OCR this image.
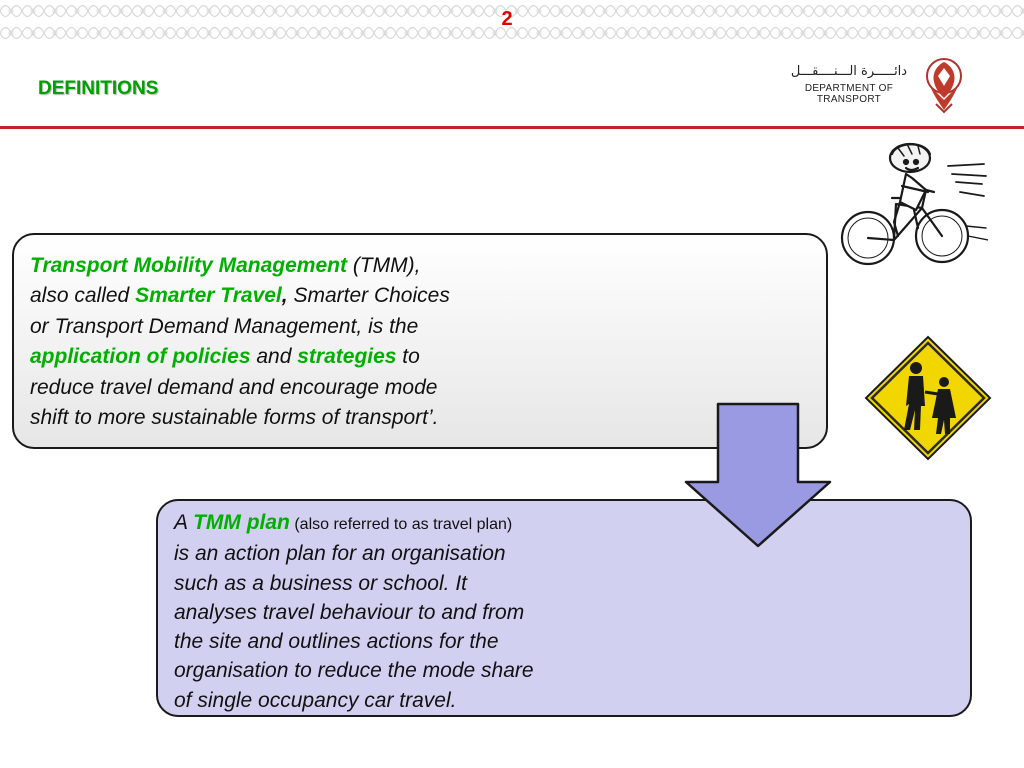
2
DEFINITIONS
دائـــــرة الـــنــــقـــل
DEPARTMENT OF TRANSPORT
Transport Mobility Management (TMM),
also called Smarter Travel, Smarter Choices
or Transport Demand Management, is the
application of policies and strategies to
reduce travel demand and encourage mode
shift to more sustainable forms of transport’.
A TMM plan (also referred to as travel plan)
is an action plan for an organisation
such as a business or school. It
analyses travel behaviour to and from
the site and outlines actions for the
organisation to reduce the mode share
of single occupancy car travel.
